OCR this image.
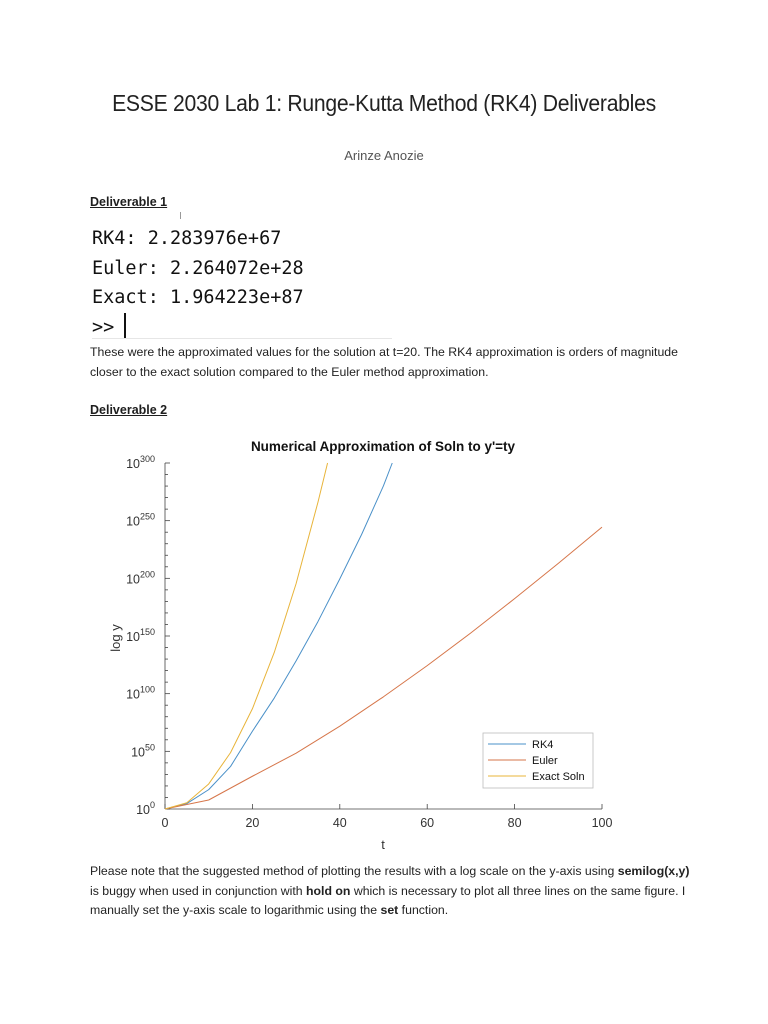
ESSE 2030 Lab 1: Runge-Kutta Method (RK4) Deliverables
Arinze Anozie
Deliverable 1
RK4: 2.283976e+67
Euler: 2.264072e+28
Exact: 1.964223e+87
>>
These were the approximated values for the solution at t=20. The RK4 approximation is orders of magnitude closer to the exact solution compared to the Euler method approximation.
Deliverable 2
Numerical Approximation of Soln to y'=ty
0	20	40	60	80	100
$10^0$
$10^{50}$
$10^{100}$
$10^{150}$
$10^{200}$
$10^{250}$
$10^{300}$
t
log y
RK4
Euler
Exact Soln
Please note that the suggested method of plotting the results with a log scale on the y-axis using semilog(x,y) is buggy when used in conjunction with hold on which is necessary to plot all three lines on the same figure. I manually set the y-axis scale to logarithmic using the set function.
